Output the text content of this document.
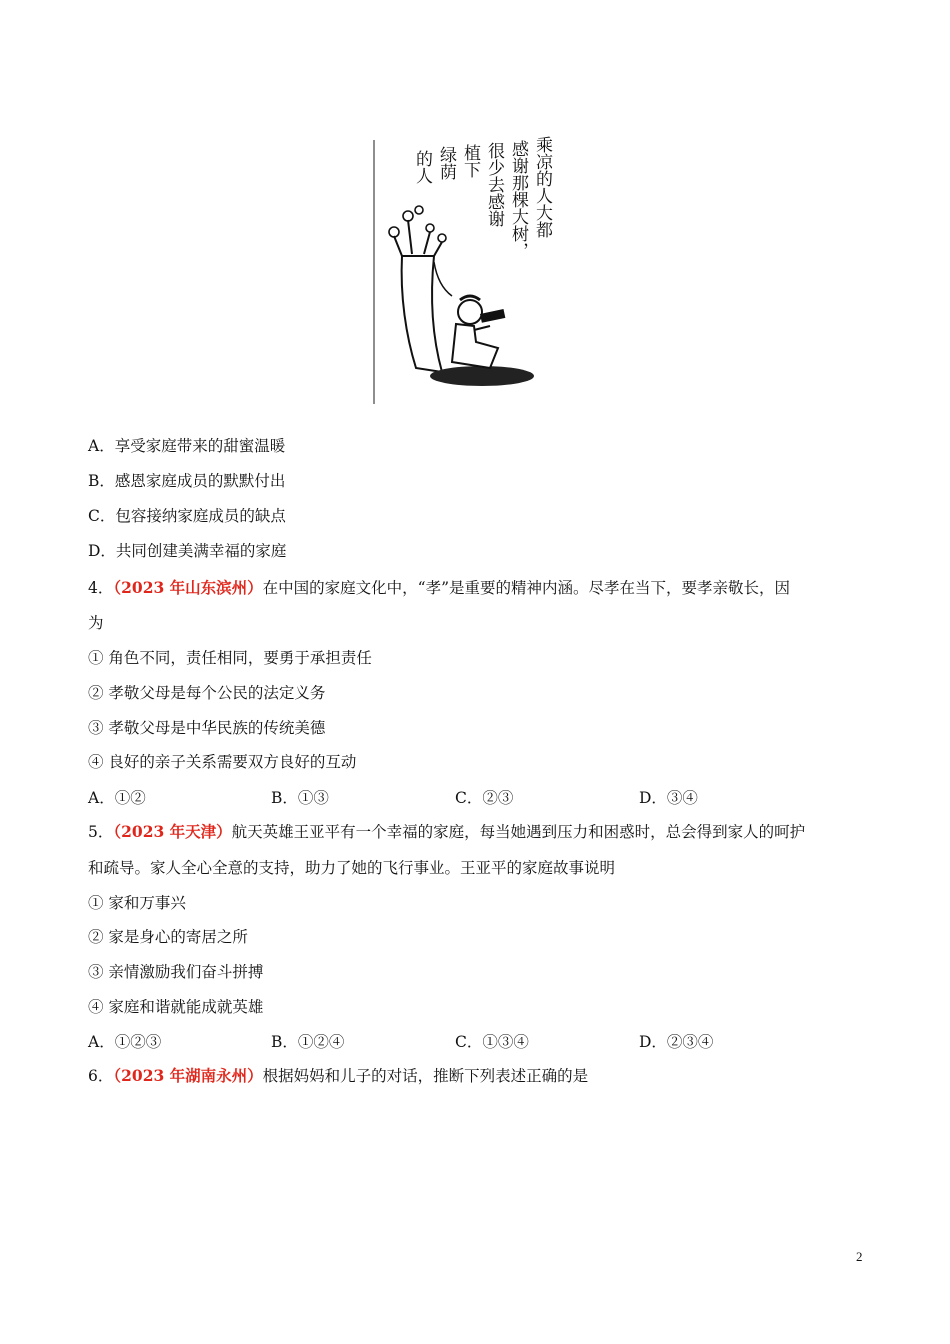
乘凉的人大都
感谢那棵大树，
很少去感谢
植下
绿荫
的人
A．享受家庭带来的甜蜜温暖
B．感恩家庭成员的默默付出
C．包容接纳家庭成员的缺点
D．共同创建美满幸福的家庭
4．（2023 年山东滨州）在中国的家庭文化中，“孝”是重要的精神内涵。尽孝在当下，要孝亲敬长，因
为
① 角色不同，责任相同，要勇于承担责任
② 孝敬父母是每个公民的法定义务
③ 孝敬父母是中华民族的传统美德
④ 良好的亲子关系需要双方良好的互动
A．①②	B．①③	C．②③	D．③④
5．（2023 年天津）航天英雄王亚平有一个幸福的家庭，每当她遇到压力和困惑时，总会得到家人的呵护
和疏导。家人全心全意的支持，助力了她的飞行事业。王亚平的家庭故事说明
① 家和万事兴
② 家是身心的寄居之所
③ 亲情激励我们奋斗拼搏
④ 家庭和谐就能成就英雄
A．①②③	B．①②④	C．①③④	D．②③④
6．（2023 年湖南永州）根据妈妈和儿子的对话，推断下列表述正确的是
2
